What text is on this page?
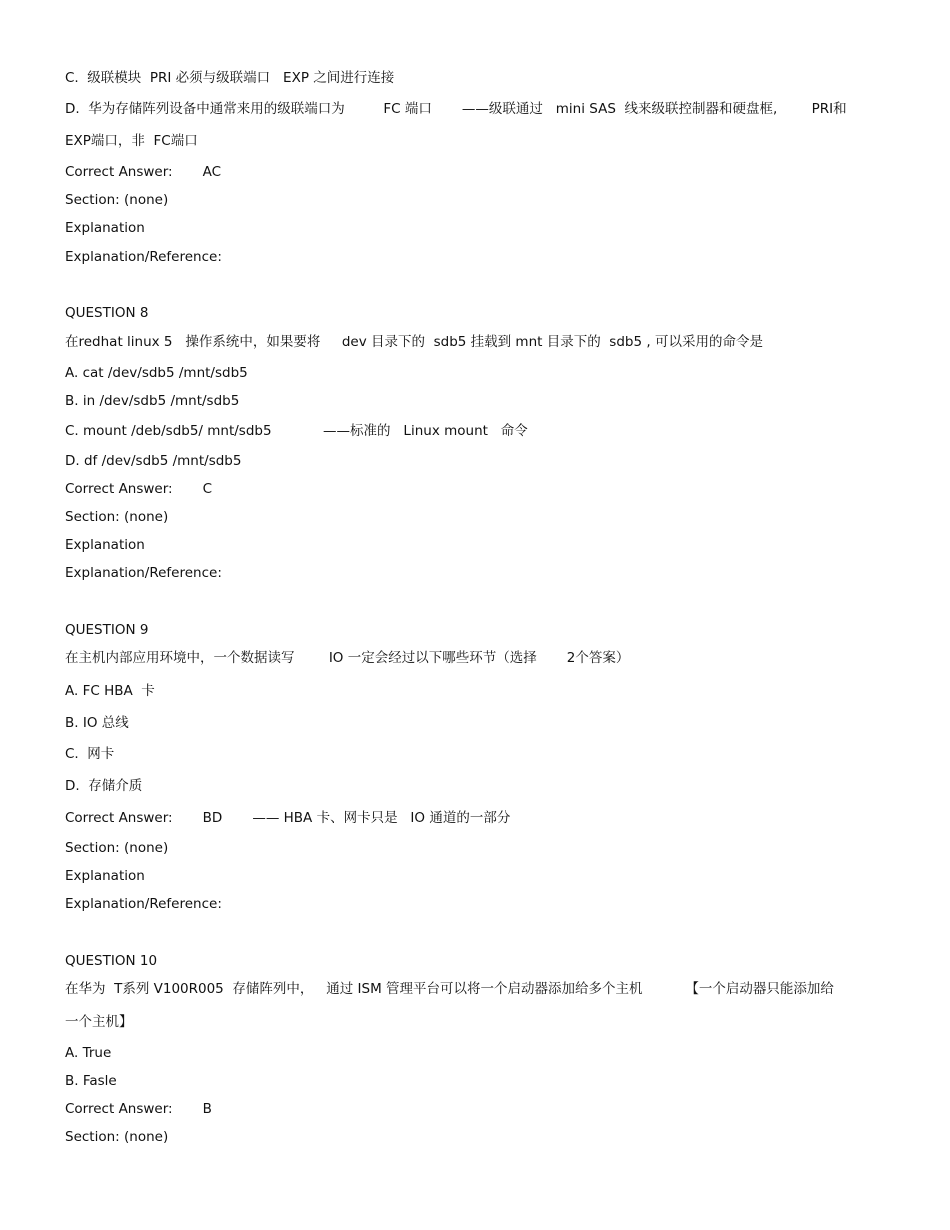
C.  级联模块  PRI 必须与级联端口   EXP 之间进行连接
D.  华为存储阵列设备中通常来用的级联端口为         FC 端口       ——级联通过   mini SAS  线来级联控制器和硬盘框,        PRI和
EXP端口，非  FC端口
Correct Answer:       AC
Section: (none)
Explanation
Explanation/Reference:
QUESTION 8
在redhat linux 5   操作系统中，如果要将     dev 目录下的  sdb5 挂载到 mnt 目录下的  sdb5 , 可以采用的命令是
A. cat /dev/sdb5 /mnt/sdb5
B. in /dev/sdb5 /mnt/sdb5
C. mount /deb/sdb5/ mnt/sdb5            ——标准的   Linux mount   命令
D. df /dev/sdb5 /mnt/sdb5
Correct Answer:       C
Section: (none)
Explanation
Explanation/Reference:
QUESTION 9
在主机内部应用环境中，一个数据读写        IO 一定会经过以下哪些环节（选择       2个答案）
A. FC HBA  卡
B. IO 总线
C.  网卡
D.  存储介质
Correct Answer:       BD       —— HBA 卡、网卡只是   IO 通道的一部分
Section: (none)
Explanation
Explanation/Reference:
QUESTION 10
在华为  T系列 V100R005  存储阵列中，   通过 ISM 管理平台可以将一个启动器添加给多个主机          【一个启动器只能添加给
一个主机】
A. True
B. Fasle
Correct Answer:       B
Section: (none)
